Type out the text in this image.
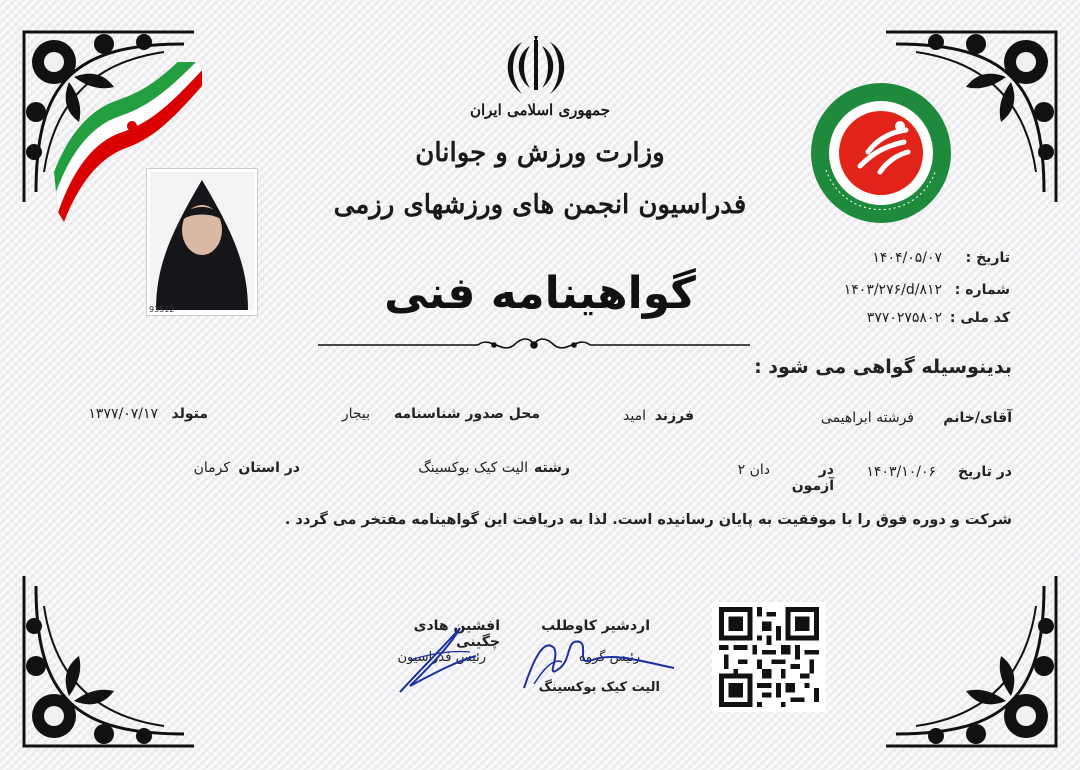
93512
جمهوری اسلامی ایران
وزارت ورزش و جوانان
فدراسیون انجمن های ورزشهای رزمی
گواهینامه فنی
تاریخ :
۱۴۰۴/۰۵/۰۷
شماره :
۱۴۰۳/۲۷۶/d/۸۱۲
کد ملی :
۳۷۷۰۲۷۵۸۰۲
بدینوسیله گواهی می شود :
آقای/خانم
فرشته ابراهیمی
فرزند
امید
محل صدور شناسنامه
بیجار
متولد
۱۳۷۷/۰۷/۱۷
در تاریخ
۱۴۰۳/۱۰/۰۶
در آزمون
دان ۲
رشته
الیت کیک بوکسینگ
در استان
کرمان
شرکت و دوره فوق را با موفقیت به پایان رسانیده است. لذا به دریافت این گواهینامه مفتخر می گردد .
اردشیر کاوطلب
رئیس گروه
الیت کیک بوکسینگ
افشین هادی چگینی
رئیس فدراسیون
